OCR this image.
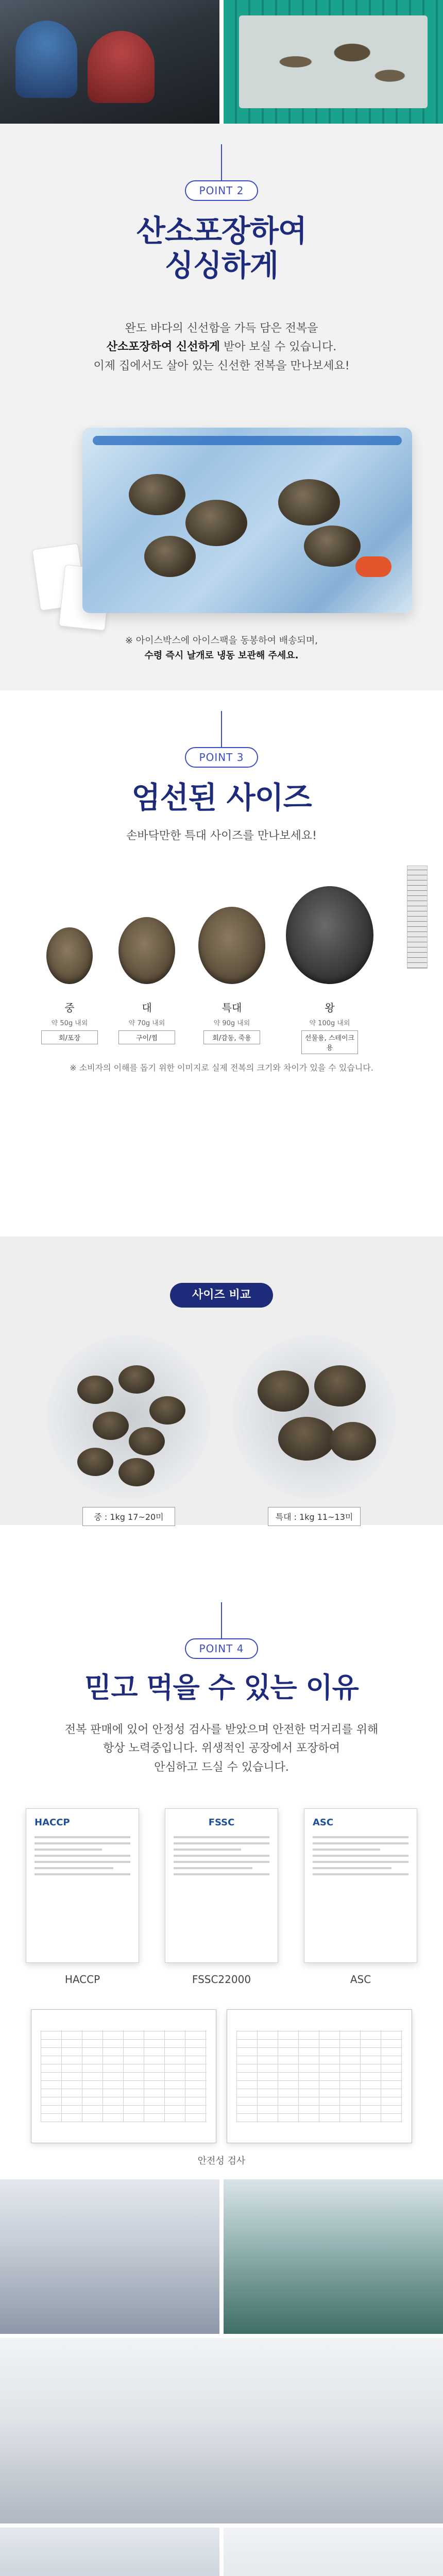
POINT 2
산소포장하여
싱싱하게
완도 바다의 신선함을 가득 담은 전복을
산소포장하여 신선하게 받아 보실 수 있습니다.
이제 집에서도 살아 있는 신선한 전복을 만나보세요!
※ 아이스박스에 아이스팩을 동봉하여 배송되며,
수령 즉시 날개로 냉동 보관해 주세요.
POINT 3
엄선된 사이즈
손바닥만한 특대 사이즈를 만나보세요!
중	대	특대	왕
약 50g 내외	약 70g 내외	약 90g 내외	약 100g 내외
회/포장	구이/찜	회/감동, 죽용	선물용, 스테이크용
※ 소비자의 이해를 돕기 위한 이미지로 실제 전복의 크기와 차이가 있을 수 있습니다.
사이즈 비교
중 : 1kg 17~20미	특대 : 1kg 11~13미
POINT 4
믿고 먹을 수 있는 이유
전복 판매에 있어 안정성 검사를 받았으며 안전한 먹거리를 위해
항상 노력중입니다. 위생적인 공장에서 포장하여
안심하고 드실 수 있습니다.
HACCP	FSSC	ASC
HACCP	FSSC22000	ASC
안전성 검사
